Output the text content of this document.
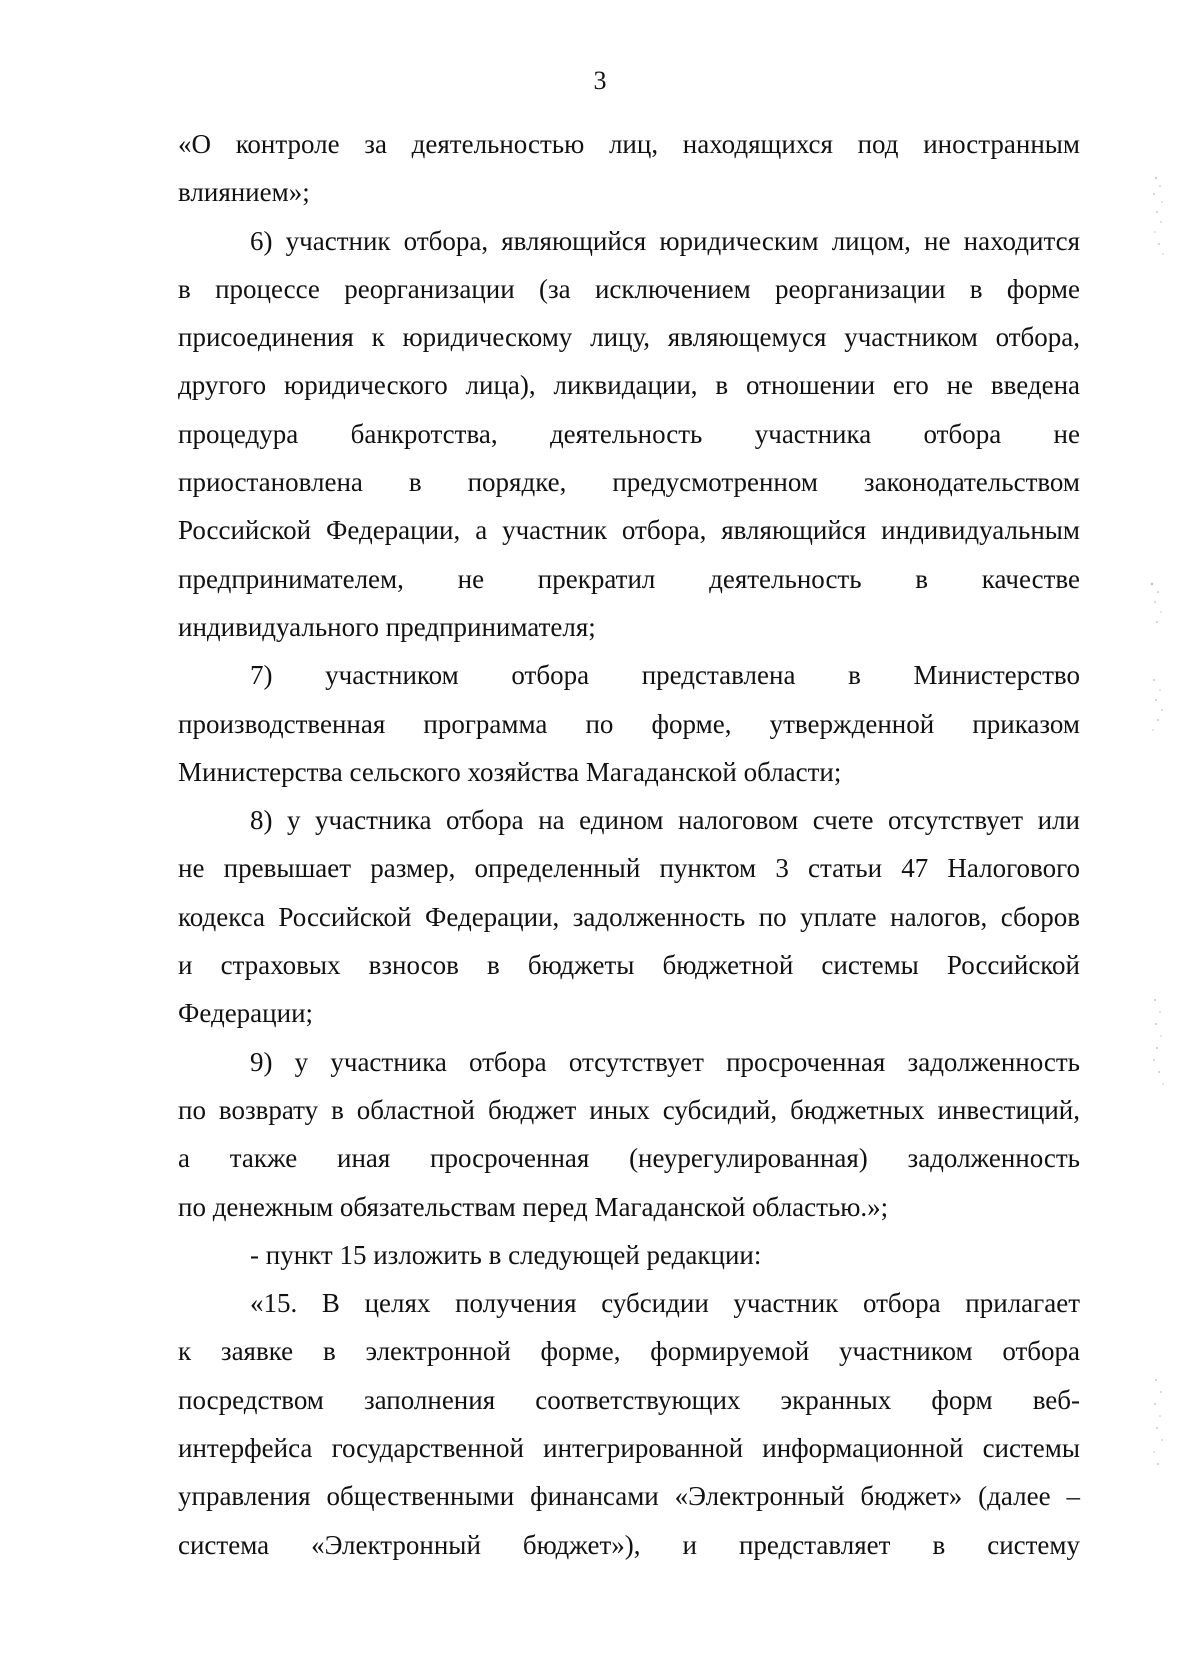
3
«О контроле за деятельностью лиц, находящихся под иностранным
влиянием»;
6) участник отбора, являющийся юридическим лицом, не находится
в процессе реорганизации (за исключением реорганизации в форме
присоединения к юридическому лицу, являющемуся участником отбора,
другого юридического лица), ликвидации, в отношении его не введена
процедура банкротства, деятельность участника отбора не
приостановлена в порядке, предусмотренном законодательством
Российской Федерации, а участник отбора, являющийся индивидуальным
предпринимателем, не прекратил деятельность в качестве
индивидуального предпринимателя;
7) участником отбора представлена в Министерство
производственная программа по форме, утвержденной приказом
Министерства сельского хозяйства Магаданской области;
8) у участника отбора на едином налоговом счете отсутствует или
не превышает размер, определенный пунктом 3 статьи 47 Налогового
кодекса Российской Федерации, задолженность по уплате налогов, сборов
и страховых взносов в бюджеты бюджетной системы Российской
Федерации;
9) у участника отбора отсутствует просроченная задолженность
по возврату в областной бюджет иных субсидий, бюджетных инвестиций,
а также иная просроченная (неурегулированная) задолженность
по денежным обязательствам перед Магаданской областью.»;
- пункт 15 изложить в следующей редакции:
«15. В целях получения субсидии участник отбора прилагает
к заявке в электронной форме, формируемой участником отбора
посредством заполнения соответствующих экранных форм веб-
интерфейса государственной интегрированной информационной системы
управления общественными финансами «Электронный бюджет» (далее –
система «Электронный бюджет»), и представляет в систему
